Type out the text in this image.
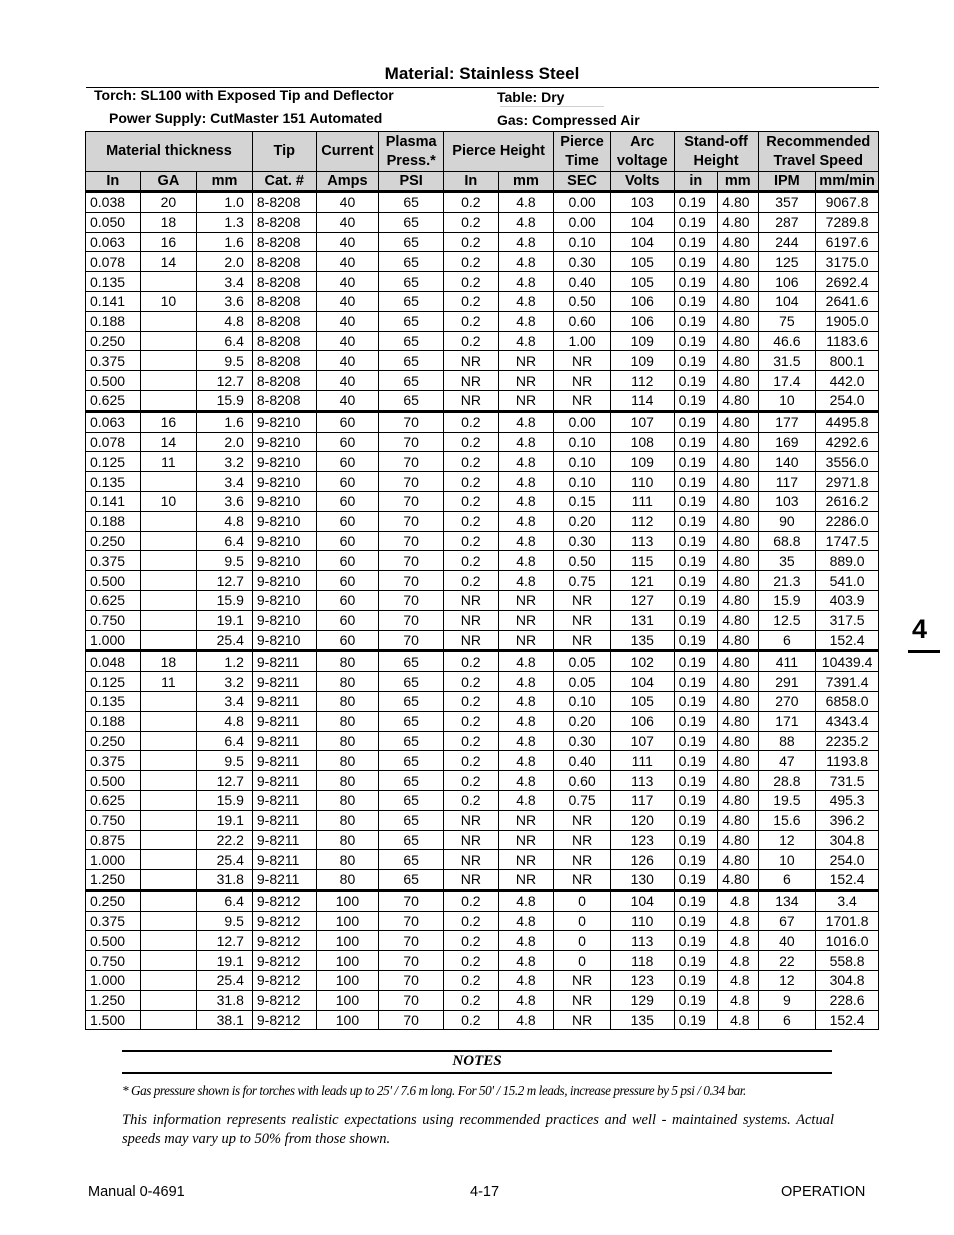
Material: Stainless Steel
Torch: SL100 with Exposed Tip and Deflector
Power Supply: CutMaster 151 Automated
Table: Dry
Gas: Compressed Air
Material thickness			Tip	Current	Plasma Press.*	Pierce Height		Pierce Time	Arc voltage	Stand-off Height		Recommended Travel Speed	
In	GA	mm	Cat. #	Amps	PSI	In	mm	SEC	Volts	in	mm	IPM	mm/min
0.038	20	1.0	8-8208	40	65	0.2	4.8	0.00	103	0.19	4.80	357	9067.8
0.050	18	1.3	8-8208	40	65	0.2	4.8	0.00	104	0.19	4.80	287	7289.8
0.063	16	1.6	8-8208	40	65	0.2	4.8	0.10	104	0.19	4.80	244	6197.6
0.078	14	2.0	8-8208	40	65	0.2	4.8	0.30	105	0.19	4.80	125	3175.0
0.135		3.4	8-8208	40	65	0.2	4.8	0.40	105	0.19	4.80	106	2692.4
0.141	10	3.6	8-8208	40	65	0.2	4.8	0.50	106	0.19	4.80	104	2641.6
0.188		4.8	8-8208	40	65	0.2	4.8	0.60	106	0.19	4.80	75	1905.0
0.250		6.4	8-8208	40	65	0.2	4.8	1.00	109	0.19	4.80	46.6	1183.6
0.375		9.5	8-8208	40	65	NR	NR	NR	109	0.19	4.80	31.5	800.1
0.500		12.7	8-8208	40	65	NR	NR	NR	112	0.19	4.80	17.4	442.0
0.625		15.9	8-8208	40	65	NR	NR	NR	114	0.19	4.80	10	254.0
0.063	16	1.6	9-8210	60	70	0.2	4.8	0.00	107	0.19	4.80	177	4495.8
0.078	14	2.0	9-8210	60	70	0.2	4.8	0.10	108	0.19	4.80	169	4292.6
0.125	11	3.2	9-8210	60	70	0.2	4.8	0.10	109	0.19	4.80	140	3556.0
0.135		3.4	9-8210	60	70	0.2	4.8	0.10	110	0.19	4.80	117	2971.8
0.141	10	3.6	9-8210	60	70	0.2	4.8	0.15	111	0.19	4.80	103	2616.2
0.188		4.8	9-8210	60	70	0.2	4.8	0.20	112	0.19	4.80	90	2286.0
0.250		6.4	9-8210	60	70	0.2	4.8	0.30	113	0.19	4.80	68.8	1747.5
0.375		9.5	9-8210	60	70	0.2	4.8	0.50	115	0.19	4.80	35	889.0
0.500		12.7	9-8210	60	70	0.2	4.8	0.75	121	0.19	4.80	21.3	541.0
0.625		15.9	9-8210	60	70	NR	NR	NR	127	0.19	4.80	15.9	403.9
0.750		19.1	9-8210	60	70	NR	NR	NR	131	0.19	4.80	12.5	317.5
1.000		25.4	9-8210	60	70	NR	NR	NR	135	0.19	4.80	6	152.4
0.048	18	1.2	9-8211	80	65	0.2	4.8	0.05	102	0.19	4.80	411	10439.4
0.125	11	3.2	9-8211	80	65	0.2	4.8	0.05	104	0.19	4.80	291	7391.4
0.135		3.4	9-8211	80	65	0.2	4.8	0.10	105	0.19	4.80	270	6858.0
0.188		4.8	9-8211	80	65	0.2	4.8	0.20	106	0.19	4.80	171	4343.4
0.250		6.4	9-8211	80	65	0.2	4.8	0.30	107	0.19	4.80	88	2235.2
0.375		9.5	9-8211	80	65	0.2	4.8	0.40	111	0.19	4.80	47	1193.8
0.500		12.7	9-8211	80	65	0.2	4.8	0.60	113	0.19	4.80	28.8	731.5
0.625		15.9	9-8211	80	65	0.2	4.8	0.75	117	0.19	4.80	19.5	495.3
0.750		19.1	9-8211	80	65	NR	NR	NR	120	0.19	4.80	15.6	396.2
0.875		22.2	9-8211	80	65	NR	NR	NR	123	0.19	4.80	12	304.8
1.000		25.4	9-8211	80	65	NR	NR	NR	126	0.19	4.80	10	254.0
1.250		31.8	9-8211	80	65	NR	NR	NR	130	0.19	4.80	6	152.4
0.250		6.4	9-8212	100	70	0.2	4.8	0	104	0.19	4.8	134	3.4
0.375		9.5	9-8212	100	70	0.2	4.8	0	110	0.19	4.8	67	1701.8
0.500		12.7	9-8212	100	70	0.2	4.8	0	113	0.19	4.8	40	1016.0
0.750		19.1	9-8212	100	70	0.2	4.8	0	118	0.19	4.8	22	558.8
1.000		25.4	9-8212	100	70	0.2	4.8	NR	123	0.19	4.8	12	304.8
1.250		31.8	9-8212	100	70	0.2	4.8	NR	129	0.19	4.8	9	228.6
1.500		38.1	9-8212	100	70	0.2	4.8	NR	135	0.19	4.8	6	152.4
4
NOTES
* Gas pressure shown is for torches with leads up to 25' / 7.6 m long. For 50' / 15.2 m leads, increase pressure by 5 psi / 0.34 bar.
This information represents realistic expectations using recommended practices and well - maintained systems. Actual speeds may vary up to 50% from those shown.
Manual 0-4691	4-17	OPERATION
